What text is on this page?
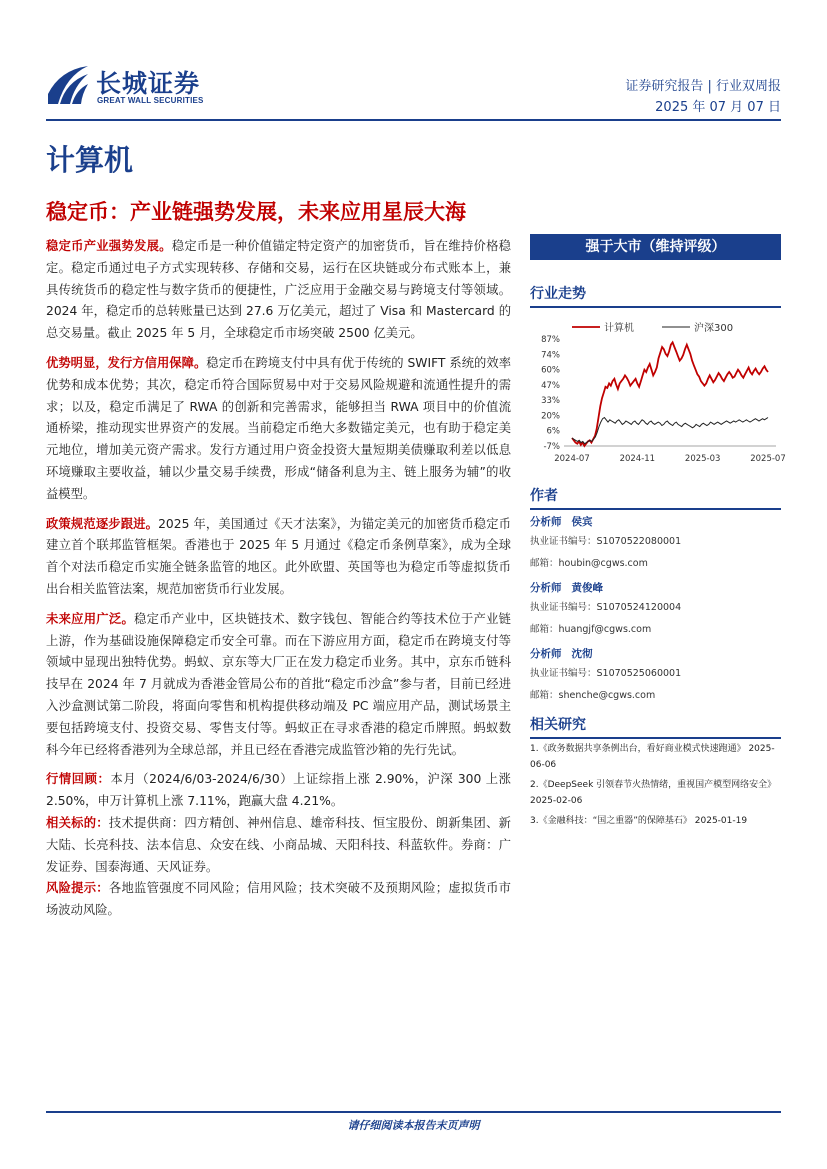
长城证券
GREAT WALL SECURITIES
证券研究报告 | 行业双周报
2025 年 07 月 07 日
计算机
稳定币：产业链强势发展，未来应用星辰大海

稳定币产业强势发展。稳定币是一种价值锚定特定资产的加密货币，旨在维持价格稳定。稳定币通过电子方式实现转移、存储和交易，运行在区块链或分布式账本上，兼具传统货币的稳定性与数字货币的便捷性，广泛应用于金融交易与跨境支付等领域。2024 年，稳定币的总转账量已达到 27.6 万亿美元，超过了 Visa 和 Mastercard 的总交易量。截止 2025 年 5 月，全球稳定币市场突破 2500 亿美元。

优势明显，发行方信用保障。稳定币在跨境支付中具有优于传统的 SWIFT 系统的效率优势和成本优势；其次，稳定币符合国际贸易中对于交易风险规避和流通性提升的需求；以及，稳定币满足了 RWA 的创新和完善需求，能够担当 RWA 项目中的价值流通桥梁，推动现实世界资产的发展。当前稳定币绝大多数锚定美元，也有助于稳定美元地位，增加美元资产需求。发行方通过用户资金投资大量短期美债赚取利差以低息环境赚取主要收益，辅以少量交易手续费，形成“储备利息为主、链上服务为辅”的收益模型。

政策规范逐步跟进。2025 年，美国通过《天才法案》，为锚定美元的加密货币稳定币建立首个联邦监管框架。香港也于 2025 年 5 月通过《稳定币条例草案》，成为全球首个对法币稳定币实施全链条监管的地区。此外欧盟、英国等也为稳定币等虚拟货币出台相关监管法案，规范加密货币行业发展。

未来应用广泛。稳定币产业中，区块链技术、数字钱包、智能合约等技术位于产业链上游，作为基础设施保障稳定币安全可靠。而在下游应用方面，稳定币在跨境支付等领域中显现出独特优势。蚂蚁、京东等大厂正在发力稳定币业务。其中，京东币链科技早在 2024 年 7 月就成为香港金管局公布的首批“稳定币沙盒”参与者，目前已经进入沙盒测试第二阶段，将面向零售和机构提供移动端及 PC 端应用产品，测试场景主要包括跨境支付、投资交易、零售支付等。蚂蚁正在寻求香港的稳定币牌照。蚂蚁数科今年已经将香港列为全球总部，并且已经在香港完成监管沙箱的先行先试。

行情回顾：本月（2024/6/03-2024/6/30）上证综指上涨 2.90%，沪深 300 上涨 2.50%，申万计算机上涨 7.11%，跑赢大盘 4.21%。

相关标的：技术提供商：四方精创、神州信息、雄帝科技、恒宝股份、朗新集团、新大陆、长亮科技、法本信息、众安在线、小商品城、天阳科技、科蓝软件。券商：广发证券、国泰海通、天风证券。

风险提示：各地监管强度不同风险；信用风险；技术突破不及预期风险；虚拟货币市场波动风险。

强于大市（维持评级）
行业走势
87%
74%
60%
47%
33%
20%
6%
-7%
2024-07	2024-11	2025-03	2025-07
计算机	沪深300
作者
分析师 侯宾
执业证书编号：S1070522080001
邮箱：houbin@cgws.com
分析师 黄俊峰
执业证书编号：S1070524120004
邮箱：huangjf@cgws.com
分析师 沈彻
执业证书编号：S1070525060001
邮箱：shenche@cgws.com
相关研究
1.《政务数据共享条例出台，看好商业模式快速跑通》 2025-06-06
2.《DeepSeek 引领春节火热情绪，重视国产模型网络安全》 2025-02-06
3.《金融科技：“国之重器”的保障基石》 2025-01-19
请仔细阅读本报告末页声明
